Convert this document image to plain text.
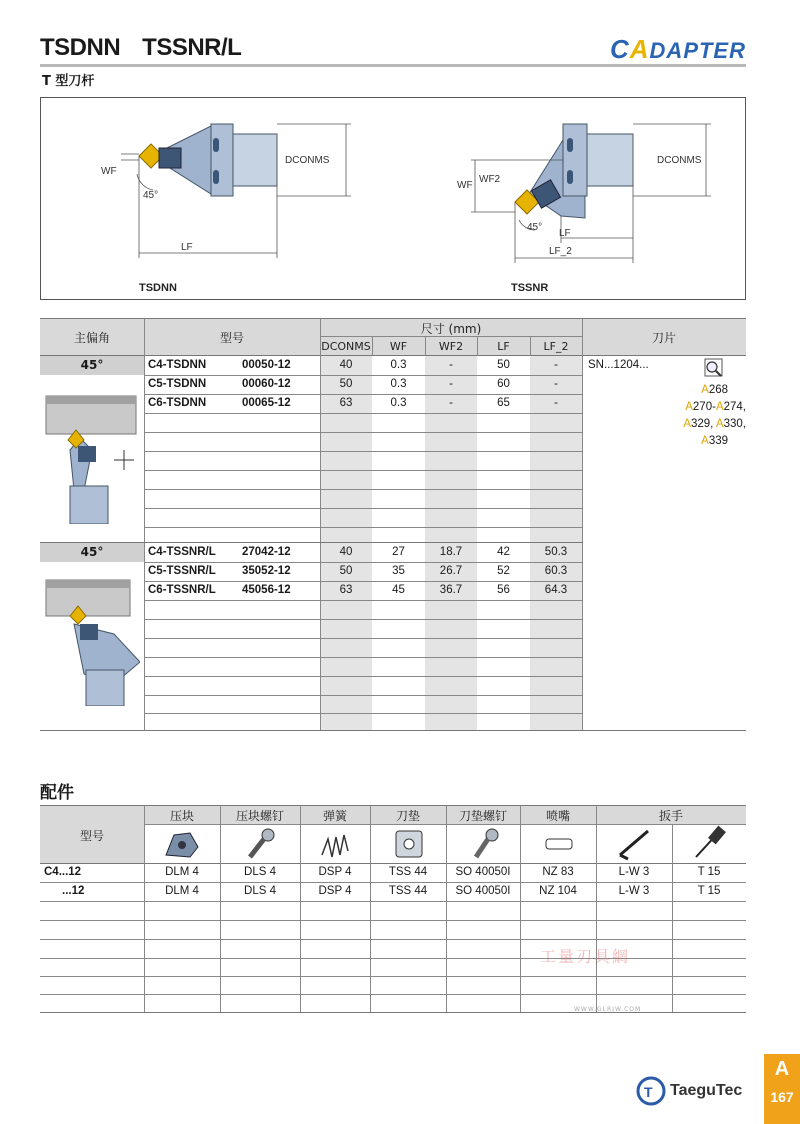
TSDNN TSSNR/L	CADAPTER
T 型刀杆
WF
45°
DCONMS
LF
TSDNN
WF
WF2
45°
DCONMS
LF
LF_2
TSSNR
主偏角	型号
尺寸 (mm)
DCONMS	WF	WF2	LF	LF_2
刀片
45°	C4-TSDNN	00050-12	40	0.3	-	50	-
C5-TSDNN	00060-12	50	0.3	-	60	-
C6-TSDNN	00065-12	63	0.3	-	65	-
45°	C4-TSSNR/L 27042-12	40	27	18.7	42	50.3
C5-TSSNR/L 35052-12	50	35	26.7	52	60.3
C6-TSSNR/L 45056-12	63	45	36.7	56	64.3
SN...1204...
A268
A270-A274,
A329, A330,
A339
配件
型号
压块	压块螺钉	弹簧	刀垫	刀垫螺钉	喷嘴	扳手
C4...12	DLM 4	DLS 4	DSP 4	TSS 44	SO 40050I	NZ 83	L-W 3	T 15
...12	DLM 4	DLS 4	DSP 4	TSS 44	SO 40050I	NZ 104	L-W 3	T 15
工量刃具網
WWW.GLRJW.COM
T TaeguTec
A
167
